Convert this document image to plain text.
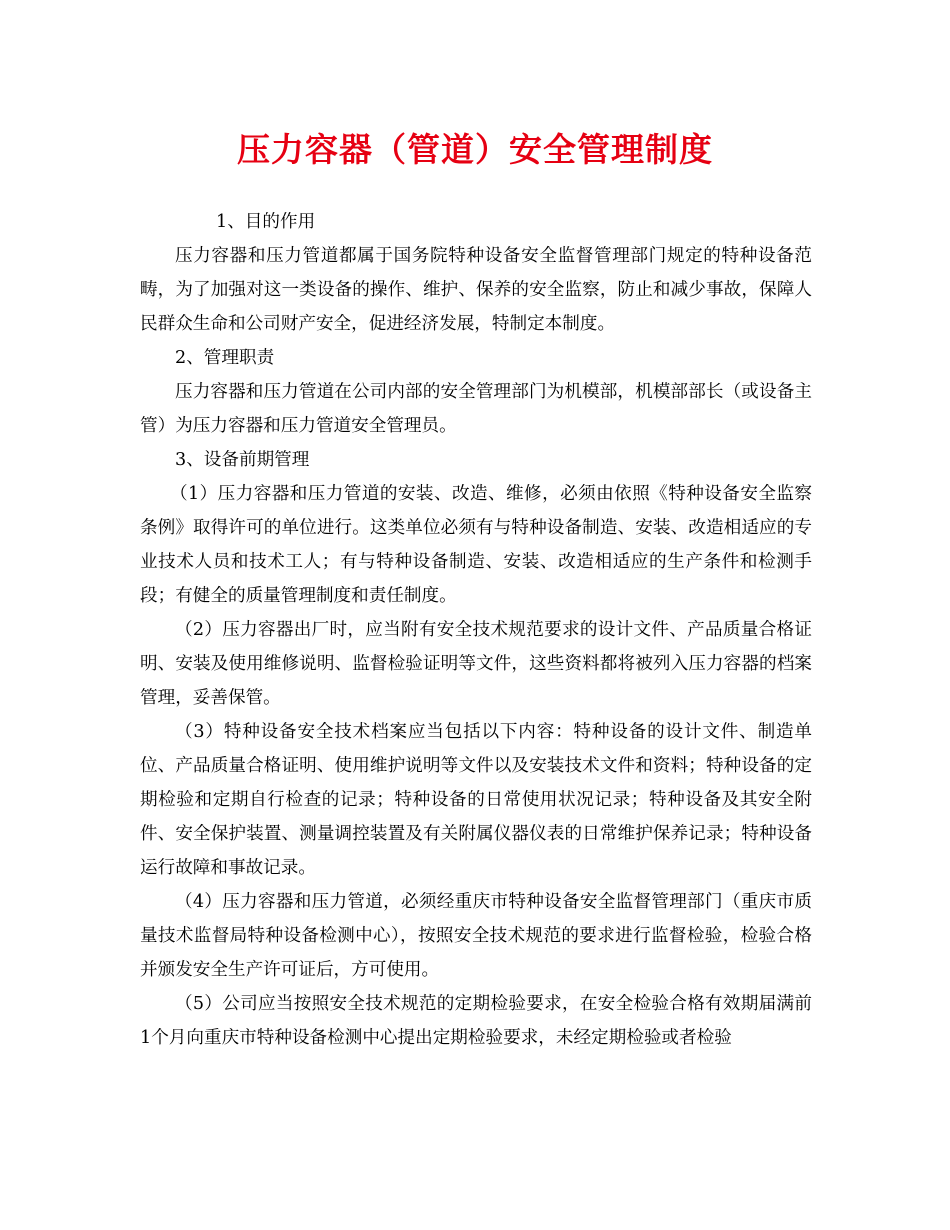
压力容器（管道）安全管理制度

1、目的作用

压力容器和压力管道都属于国务院特种设备安全监督管理部门规定的特种设备范畴，为了加强对这一类设备的操作、维护、保养的安全监察，防止和减少事故，保障人民群众生命和公司财产安全，促进经济发展，特制定本制度。

2、管理职责

压力容器和压力管道在公司内部的安全管理部门为机模部，机模部部长（或设备主管）为压力容器和压力管道安全管理员。

3、设备前期管理

（1）压力容器和压力管道的安装、改造、维修，必须由依照《特种设备安全监察条例》取得许可的单位进行。这类单位必须有与特种设备制造、安装、改造相适应的专业技术人员和技术工人；有与特种设备制造、安装、改造相适应的生产条件和检测手段；有健全的质量管理制度和责任制度。

（2）压力容器出厂时，应当附有安全技术规范要求的设计文件、产品质量合格证明、安装及使用维修说明、监督检验证明等文件，这些资料都将被列入压力容器的档案管理，妥善保管。

（3）特种设备安全技术档案应当包括以下内容：特种设备的设计文件、制造单位、产品质量合格证明、使用维护说明等文件以及安装技术文件和资料；特种设备的定期检验和定期自行检查的记录；特种设备的日常使用状况记录；特种设备及其安全附件、安全保护装置、测量调控装置及有关附属仪器仪表的日常维护保养记录；特种设备运行故障和事故记录。

（4）压力容器和压力管道，必须经重庆市特种设备安全监督管理部门（重庆市质量技术监督局特种设备检测中心），按照安全技术规范的要求进行监督检验，检验合格并颁发安全生产许可证后，方可使用。

（5）公司应当按照安全技术规范的定期检验要求，在安全检验合格有效期届满前1个月向重庆市特种设备检测中心提出定期检验要求，未经定期检验或者检验
